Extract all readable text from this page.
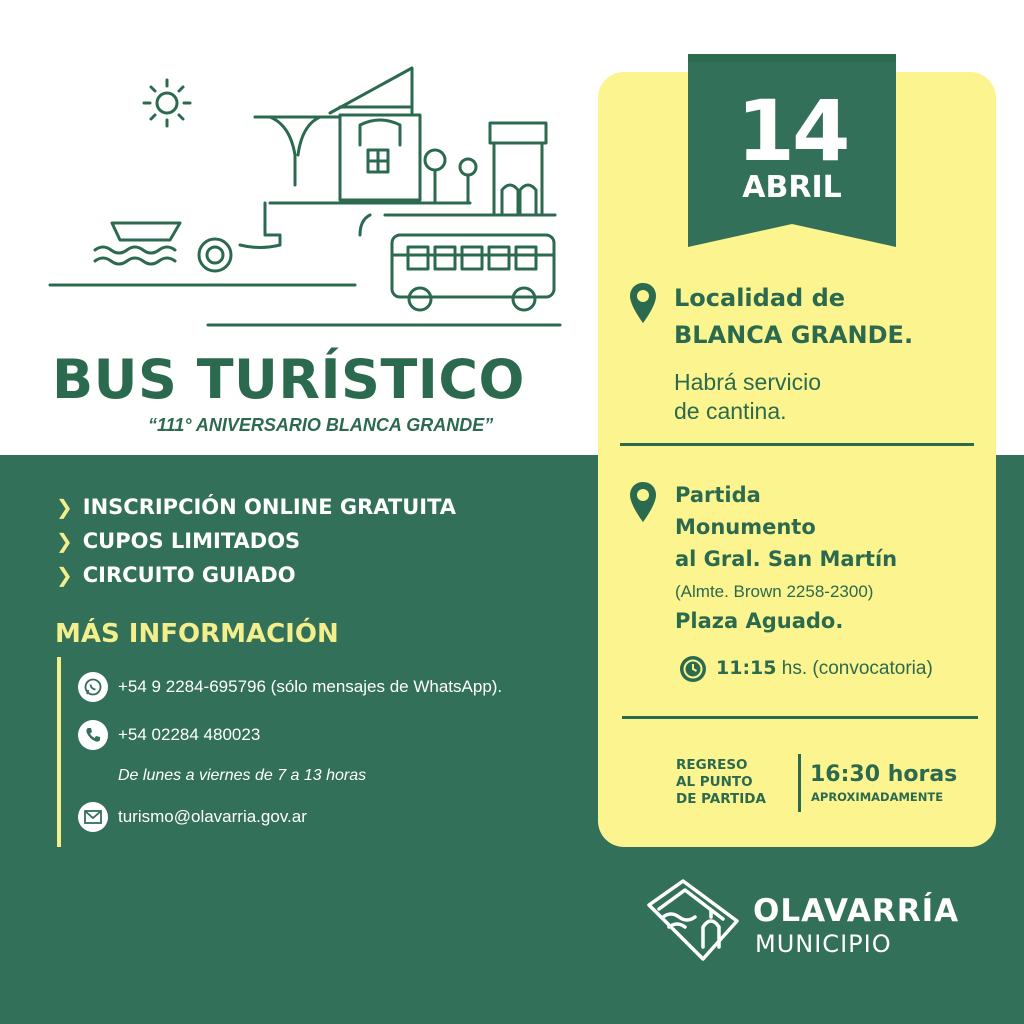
BUS TURÍSTICO
“111° ANIVERSARIO BLANCA GRANDE”
❯ INSCRIPCIÓN ONLINE GRATUITA
❯ CUPOS LIMITADOS
❯ CIRCUITO GUIADO
MÁS INFORMACIÓN
+54 9 2284-695796 (sólo mensajes de WhatsApp).
+54 02284 480023
De lunes a viernes de 7 a 13 horas
turismo@olavarria.gov.ar
14
ABRIL
Localidad de
BLANCA GRANDE.
Habrá servicio
de cantina.
Partida
Monumento
al Gral. San Martín
(Almte. Brown 2258-2300)
Plaza Aguado.
11:15 hs. (convocatoria)
REGRESO
AL PUNTO
DE PARTIDA
16:30 horas
APROXIMADAMENTE
OLAVARRÍA
MUNICIPIO
